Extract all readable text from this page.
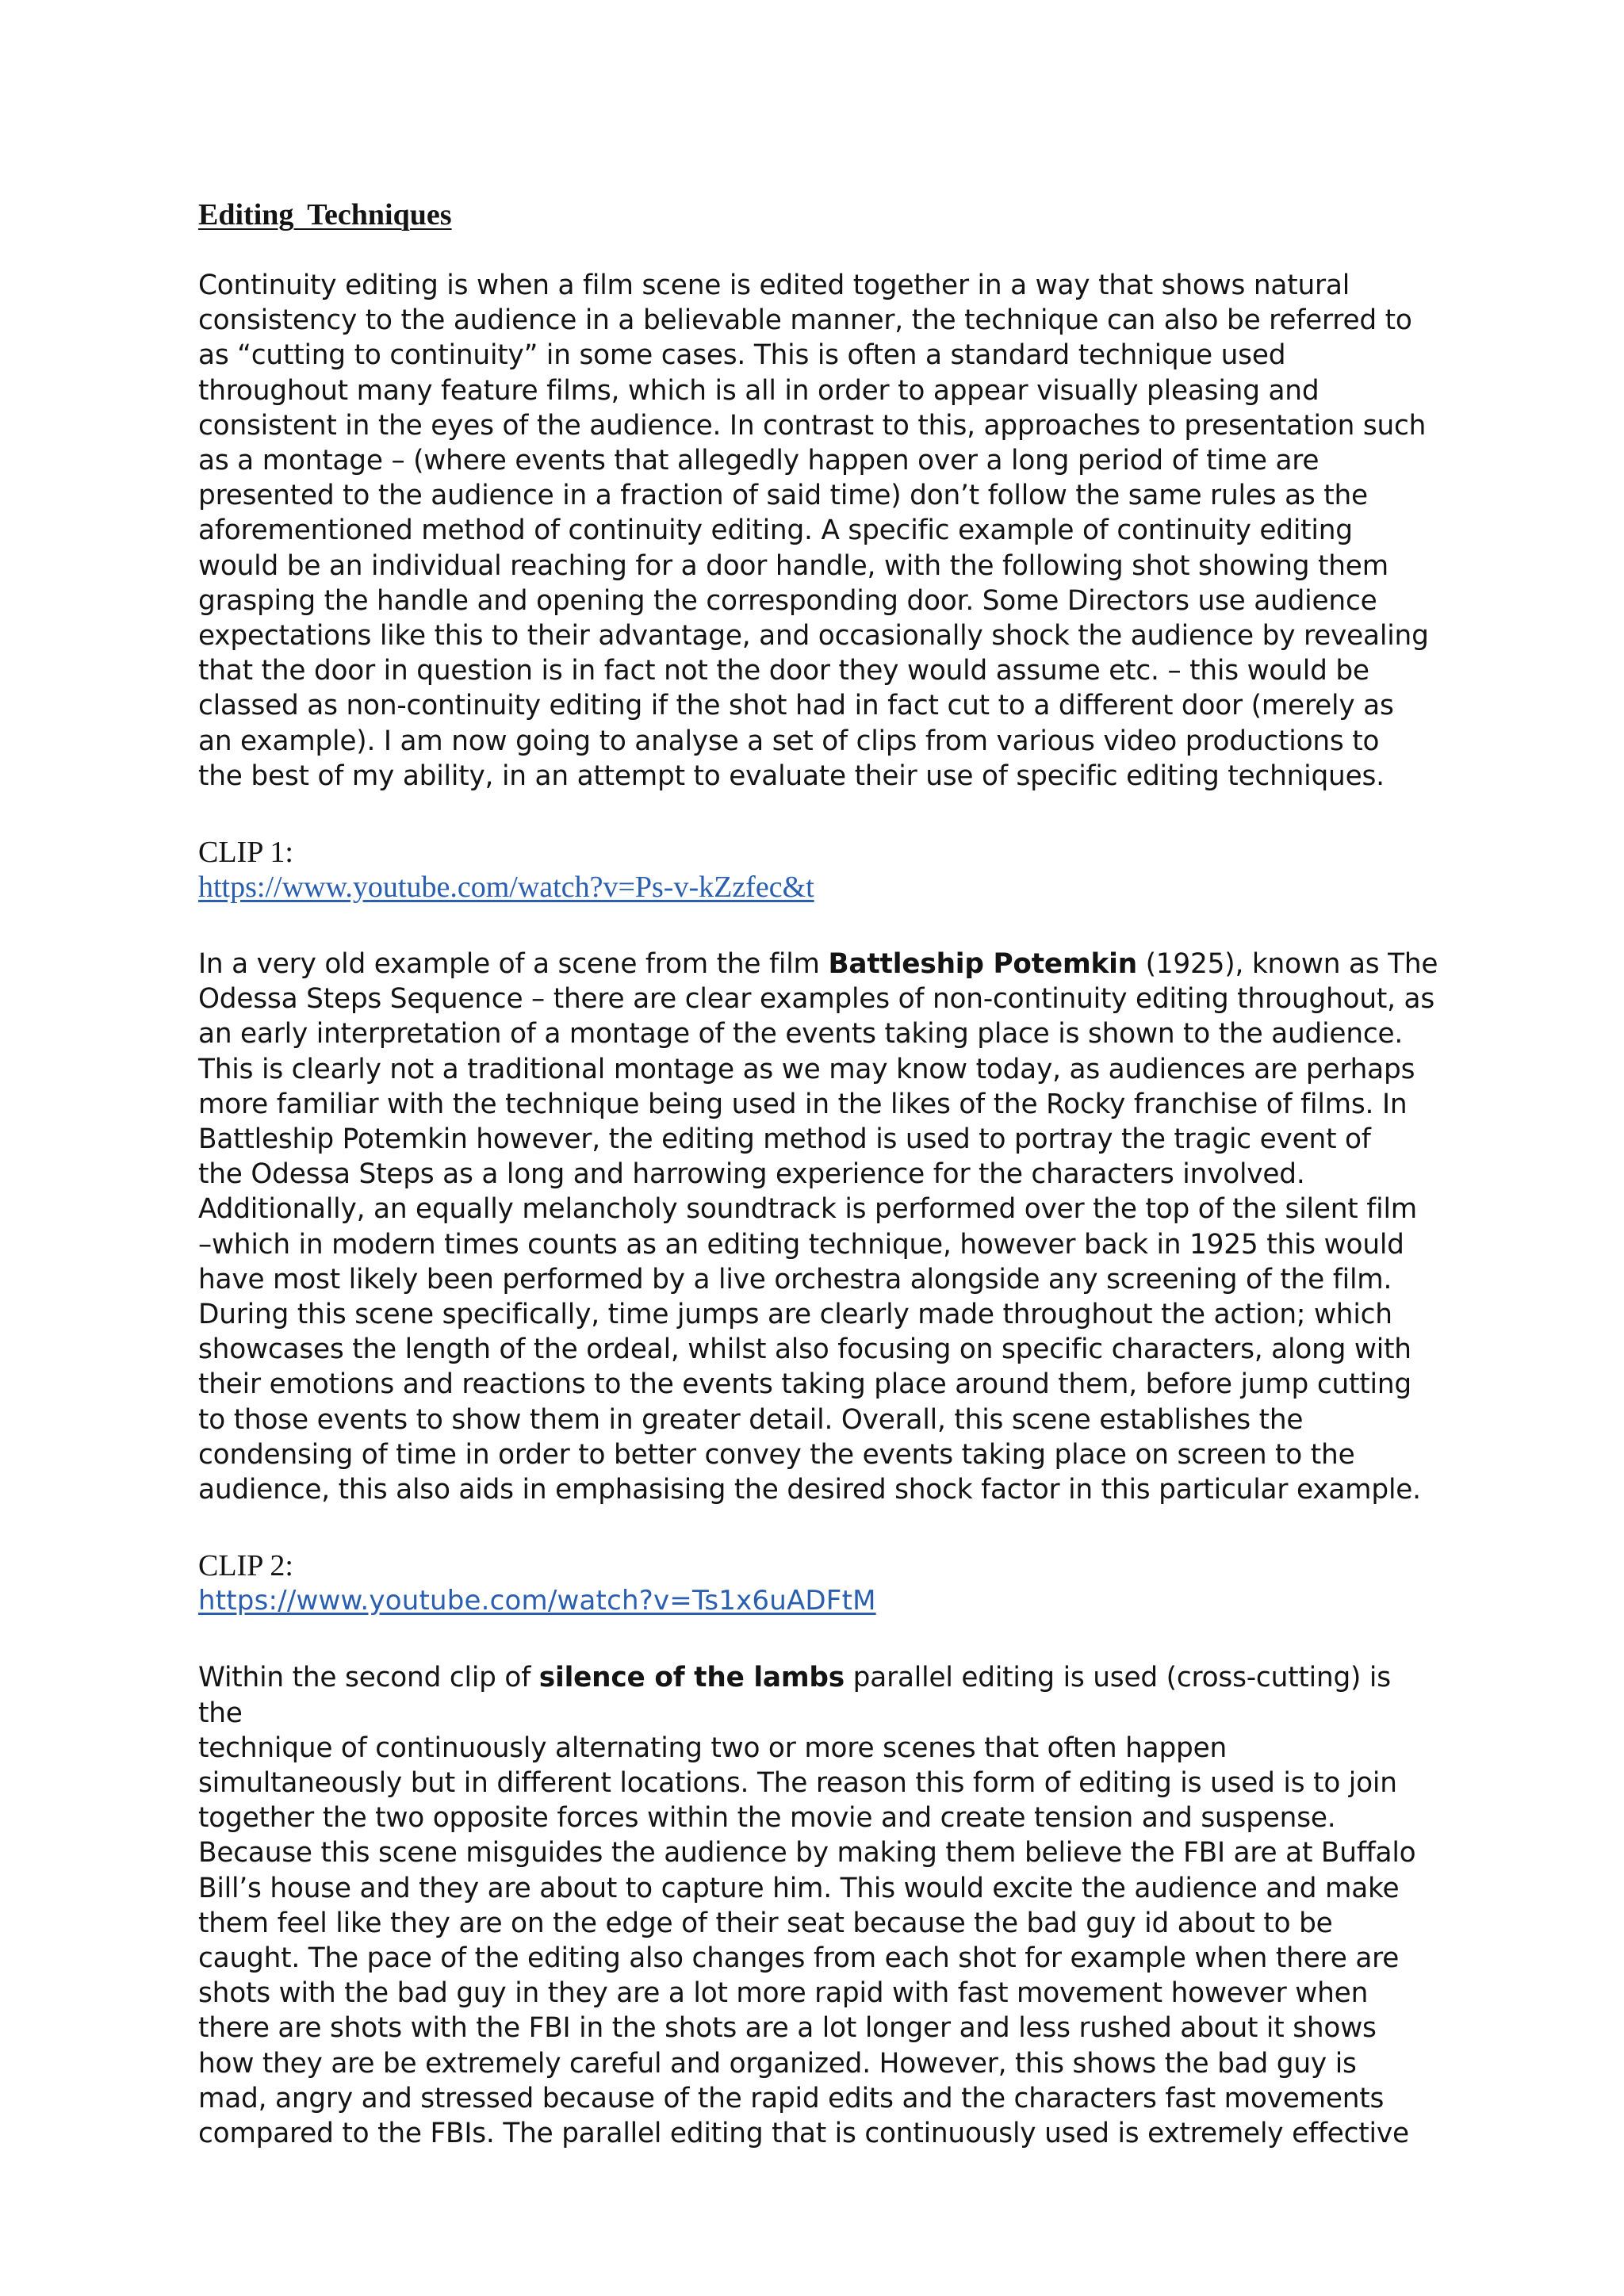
Editing Techniques

Continuity editing is when a film scene is edited together in a way that shows natural
consistency to the audience in a believable manner, the technique can also be referred to
as “cutting to continuity” in some cases. This is often a standard technique used
throughout many feature films, which is all in order to appear visually pleasing and
consistent in the eyes of the audience. In contrast to this, approaches to presentation such
as a montage – (where events that allegedly happen over a long period of time are
presented to the audience in a fraction of said time) don’t follow the same rules as the
aforementioned method of continuity editing. A specific example of continuity editing
would be an individual reaching for a door handle, with the following shot showing them
grasping the handle and opening the corresponding door. Some Directors use audience
expectations like this to their advantage, and occasionally shock the audience by revealing
that the door in question is in fact not the door they would assume etc. – this would be
classed as non-continuity editing if the shot had in fact cut to a different door (merely as
an example). I am now going to analyse a set of clips from various video productions to
the best of my ability, in an attempt to evaluate their use of specific editing techniques.

CLIP 1:
https://www.youtube.com/watch?v=Ps-v-kZzfec&t

In a very old example of a scene from the film Battleship Potemkin (1925), known as The
Odessa Steps Sequence – there are clear examples of non-continuity editing throughout, as
an early interpretation of a montage of the events taking place is shown to the audience.
This is clearly not a traditional montage as we may know today, as audiences are perhaps
more familiar with the technique being used in the likes of the Rocky franchise of films. In
Battleship Potemkin however, the editing method is used to portray the tragic event of
the Odessa Steps as a long and harrowing experience for the characters involved.
Additionally, an equally melancholy soundtrack is performed over the top of the silent film
–which in modern times counts as an editing technique, however back in 1925 this would
have most likely been performed by a live orchestra alongside any screening of the film.
During this scene specifically, time jumps are clearly made throughout the action; which
showcases the length of the ordeal, whilst also focusing on specific characters, along with
their emotions and reactions to the events taking place around them, before jump cutting
to those events to show them in greater detail. Overall, this scene establishes the
condensing of time in order to better convey the events taking place on screen to the
audience, this also aids in emphasising the desired shock factor in this particular example.

CLIP 2:
https://www.youtube.com/watch?v=Ts1x6uADFtM

Within the second clip of silence of the lambs parallel editing is used (cross-cutting) is the
technique of continuously alternating two or more scenes that often happen
simultaneously but in different locations. The reason this form of editing is used is to join
together the two opposite forces within the movie and create tension and suspense.
Because this scene misguides the audience by making them believe the FBI are at Buffalo
Bill’s house and they are about to capture him. This would excite the audience and make
them feel like they are on the edge of their seat because the bad guy id about to be
caught. The pace of the editing also changes from each shot for example when there are
shots with the bad guy in they are a lot more rapid with fast movement however when
there are shots with the FBI in the shots are a lot longer and less rushed about it shows
how they are be extremely careful and organized. However, this shows the bad guy is
mad, angry and stressed because of the rapid edits and the characters fast movements
compared to the FBIs. The parallel editing that is continuously used is extremely effective
